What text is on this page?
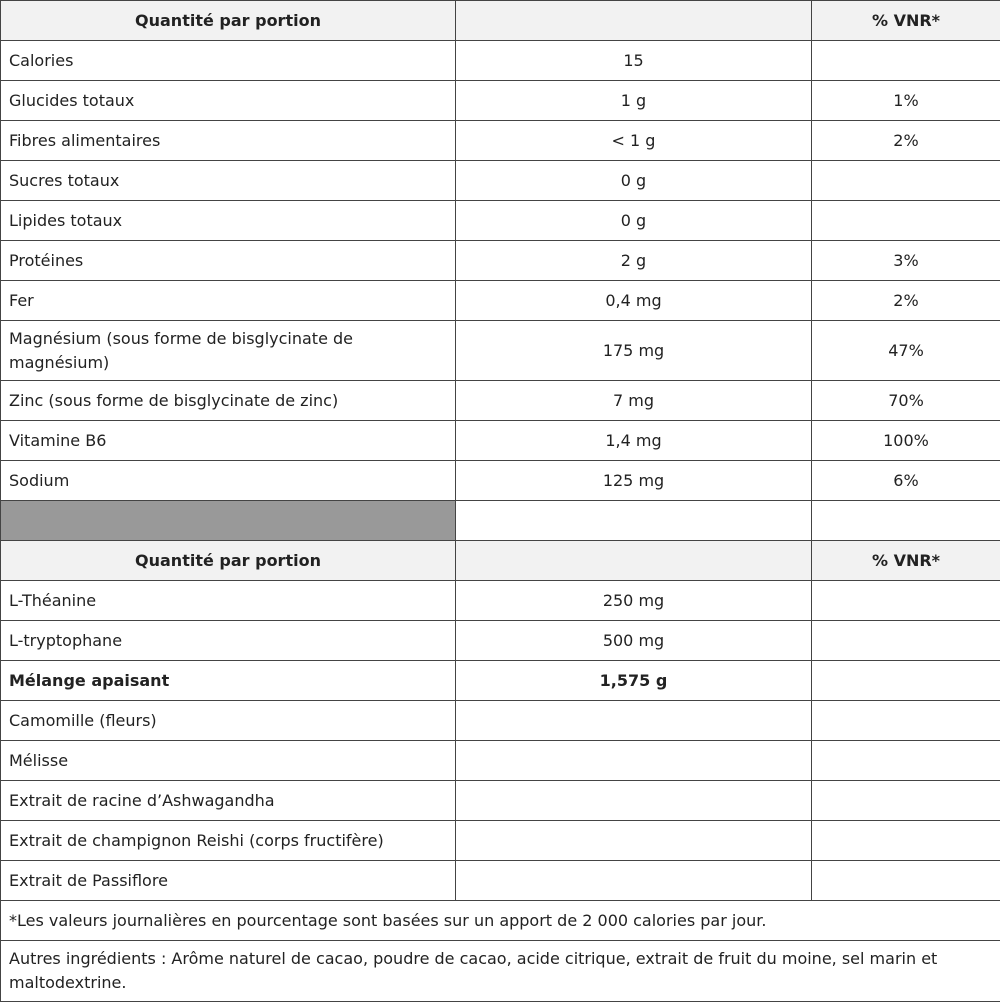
Quantité par portion		% VNR*
Calories	15	
Glucides totaux	1 g	1%
Fibres alimentaires	< 1 g	2%
Sucres totaux	0 g	
Lipides totaux	0 g	
Protéines	2 g	3%
Fer	0,4 mg	2%
Magnésium (sous forme de bisglycinate de magnésium)	175 mg	47%
Zinc (sous forme de bisglycinate de zinc)	7 mg	70%
Vitamine B6	1,4 mg	100%
Sodium	125 mg	6%

Quantité par portion		% VNR*
L-Théanine	250 mg	
L-tryptophane	500 mg	
Mélange apaisant	1,575 g	
Camomille (fleurs)		
Mélisse		
Extrait de racine d’Ashwagandha		
Extrait de champignon Reishi (corps fructifère)		
Extrait de Passiflore		
*Les valeurs journalières en pourcentage sont basées sur un apport de 2 000 calories par jour.		
Autres ingrédients : Arôme naturel de cacao, poudre de cacao, acide citrique, extrait de fruit du moine, sel marin et maltodextrine.		
